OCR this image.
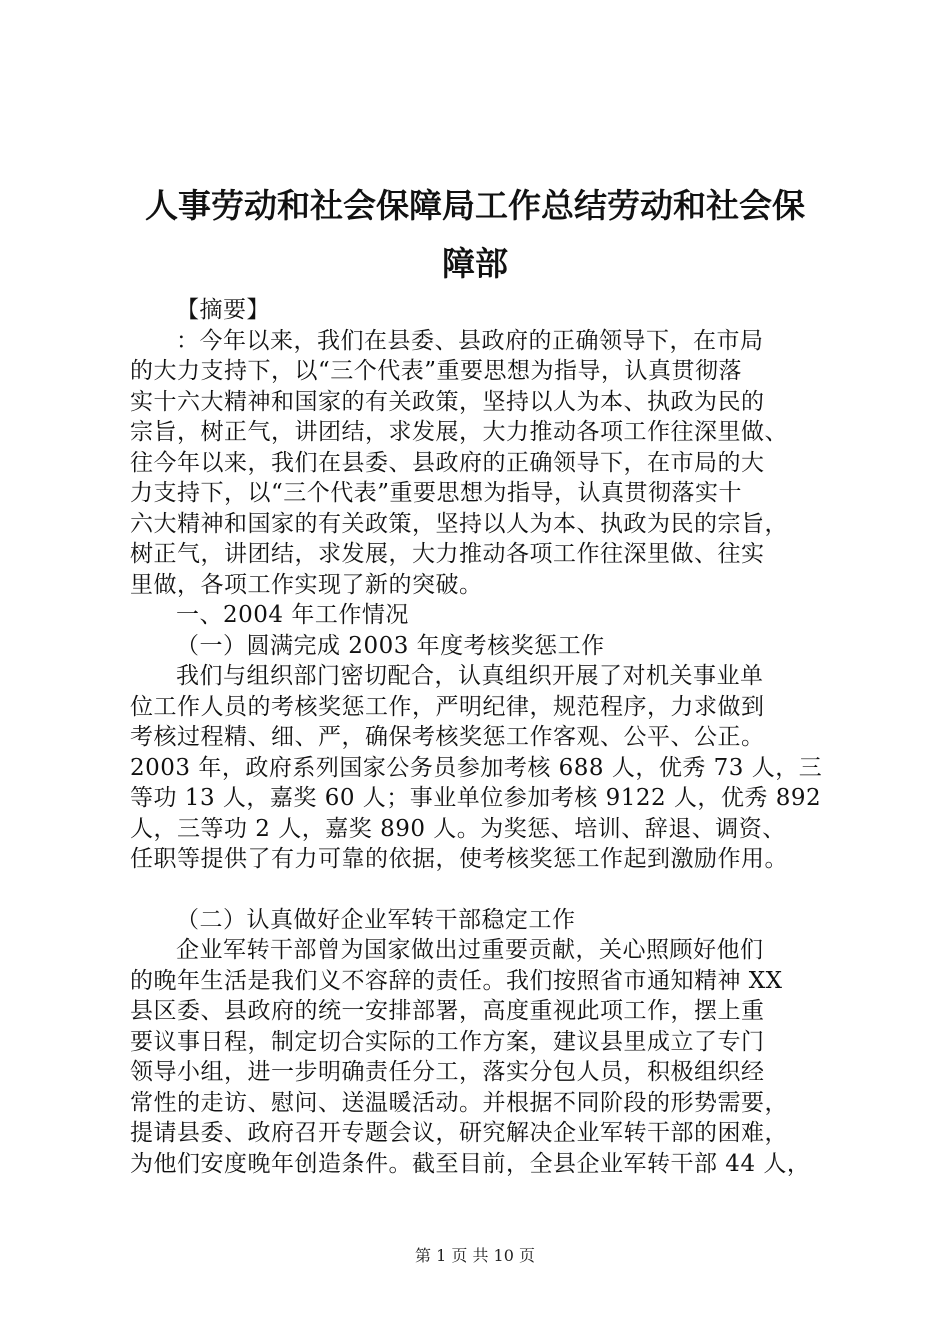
人事劳动和社会保障局工作总结劳动和社会保
障部
【摘要】
：今年以来，我们在县委、县政府的正确领导下，在市局
的大力支持下，以“三个代表”重要思想为指导，认真贯彻落
实十六大精神和国家的有关政策，坚持以人为本、执政为民的
宗旨，树正气，讲团结，求发展，大力推动各项工作往深里做、
往今年以来，我们在县委、县政府的正确领导下，在市局的大
力支持下，以“三个代表”重要思想为指导，认真贯彻落实十
六大精神和国家的有关政策，坚持以人为本、执政为民的宗旨，
树正气，讲团结，求发展，大力推动各项工作往深里做、往实
里做，各项工作实现了新的突破。
一、2004 年工作情况
（一）圆满完成 2003 年度考核奖惩工作
我们与组织部门密切配合，认真组织开展了对机关事业单
位工作人员的考核奖惩工作，严明纪律，规范程序，力求做到
考核过程精、细、严，确保考核奖惩工作客观、公平、公正。
2003 年，政府系列国家公务员参加考核 688 人，优秀 73 人，三
等功 13 人，嘉奖 60 人；事业单位参加考核 9122 人，优秀 892
人，三等功 2 人，嘉奖 890 人。为奖惩、培训、辞退、调资、
任职等提供了有力可靠的依据，使考核奖惩工作起到激励作用。
（二）认真做好企业军转干部稳定工作
企业军转干部曾为国家做出过重要贡献，关心照顾好他们
的晚年生活是我们义不容辞的责任。我们按照省市通知精神 XX
县区委、县政府的统一安排部署，高度重视此项工作，摆上重
要议事日程，制定切合实际的工作方案，建议县里成立了专门
领导小组，进一步明确责任分工，落实分包人员，积极组织经
常性的走访、慰问、送温暖活动。并根据不同阶段的形势需要，
提请县委、政府召开专题会议，研究解决企业军转干部的困难，
为他们安度晚年创造条件。截至目前，全县企业军转干部 44 人，
第 1 页 共 10 页
